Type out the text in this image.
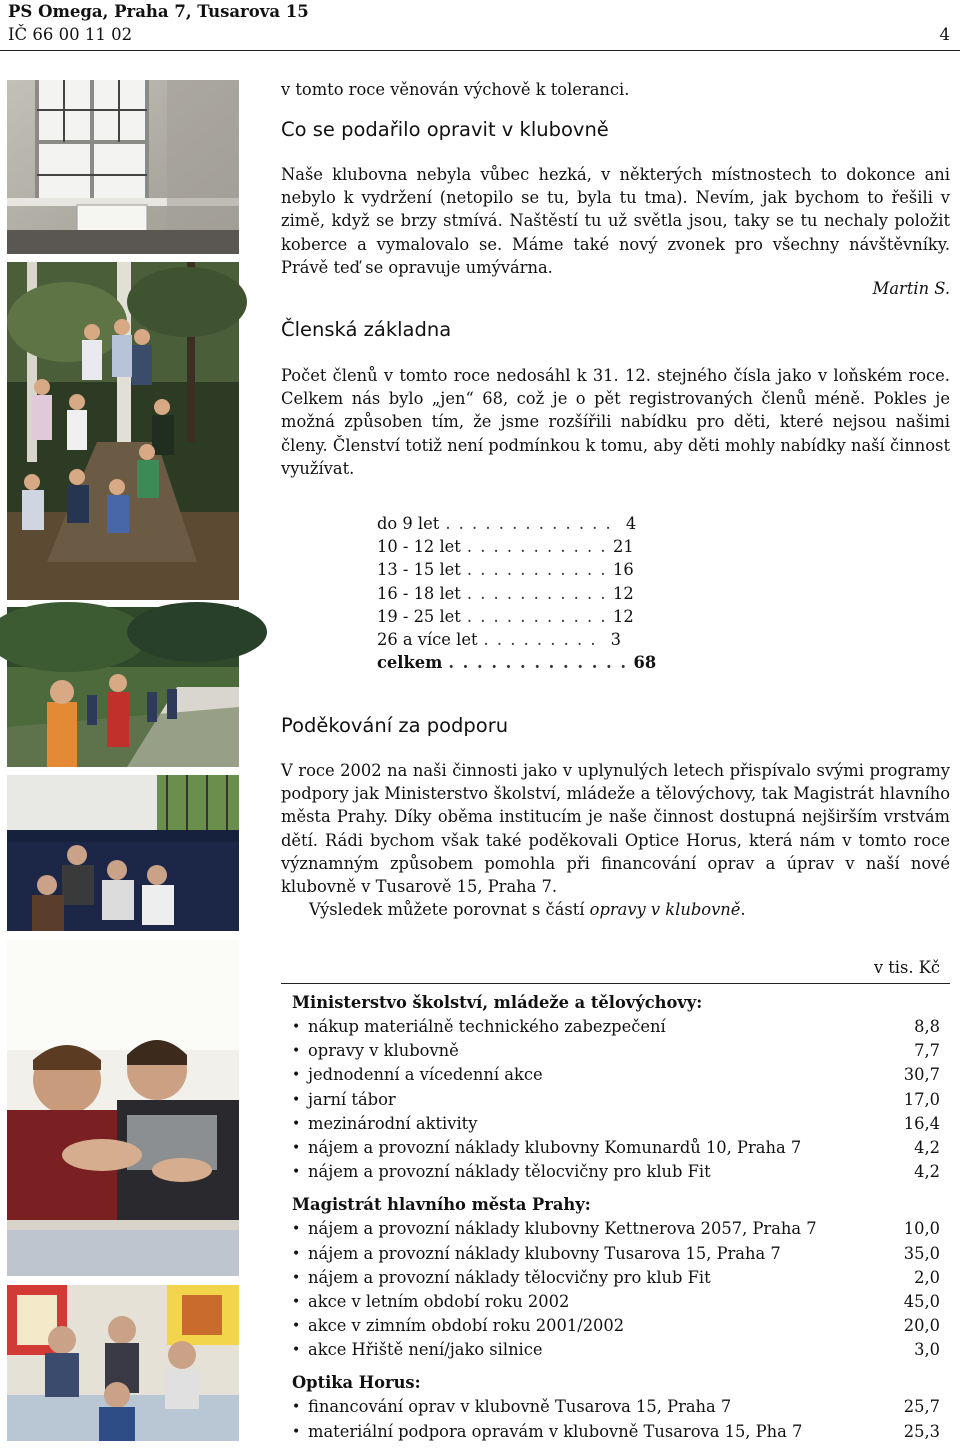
PS Omega, Praha 7, Tusarova 15
IČ 66 00 11 02	4

v tomto roce věnován výchově k toleranci.

Co se podařilo opravit v klubovně

Naše klubovna nebyla vůbec hezká, v některých místnostech to dokonce ani nebylo k vydržení (netopilo se tu, byla tu tma). Nevím, jak bychom to řešili v zimě, když se brzy stmívá. Naštěstí tu už světla jsou, taky se tu nechaly položit koberce a vymalovalo se. Máme také nový zvonek pro všechny návštěvníky. Právě teď se opravuje umývárna.

Martin S.
Členská základna

Počet členů v tomto roce nedosáhl k 31. 12. stejného čísla jako v loňském roce. Celkem nás bylo „jen“ 68, což je o pět registrovaných členů méně. Pokles je možná způsoben tím, že jsme rozšířili nabídku pro děti, které nejsou našimi členy. Členství totiž není podmínkou k tomu, aby děti mohly nabídky naší činnost využívat.

do 9 let . . . . . . . . . . . . . 4
10 - 12 let . . . . . . . . . . . 21
13 - 15 let . . . . . . . . . . . 16
16 - 18 let . . . . . . . . . . . 12
19 - 25 let . . . . . . . . . . . 12
26 a více let . . . . . . . . . 3
celkem . . . . . . . . . . . . . 68
Poděkování za podporu

V roce 2002 na naši činnosti jako v uplynulých letech přispívalo svými programy podpory jak Ministerstvo školství, mládeže a tělovýchovy, tak Magistrát hlavního města Prahy. Díky oběma institucím je naše činnost dostupná nejširším vrstvám dětí. Rádi bychom však také poděkovali Optice Horus, která nám v tomto roce významným způsobem pomohla při financování oprav a úprav v naší nové klubovně v Tusarově 15, Praha 7.

Výsledek můžete porovnat s částí opravy v klubovně.

v tis. Kč
Ministerstvo školství, mládeže a tělovýchovy:
• nákup materiálně technického zabezpečení	8,8
• opravy v klubovně	7,7
• jednodenní a vícedenní akce	30,7
• jarní tábor	17,0
• mezinárodní aktivity	16,4
• nájem a provozní náklady klubovny Komunardů 10, Praha 7	4,2
• nájem a provozní náklady tělocvičny pro klub Fit	4,2
Magistrát hlavního města Prahy:
• nájem a provozní náklady klubovny Kettnerova 2057, Praha 7	10,0
• nájem a provozní náklady klubovny Tusarova 15, Praha 7	35,0
• nájem a provozní náklady tělocvičny pro klub Fit	2,0
• akce v letním období roku 2002	45,0
• akce v zimním období roku 2001/2002	20,0
• akce Hřiště není/jako silnice	3,0
Optika Horus:
• financování oprav v klubovně Tusarova 15, Praha 7	25,7
• materiální podpora opravám v klubovně Tusarova 15, Pha 7	25,3
